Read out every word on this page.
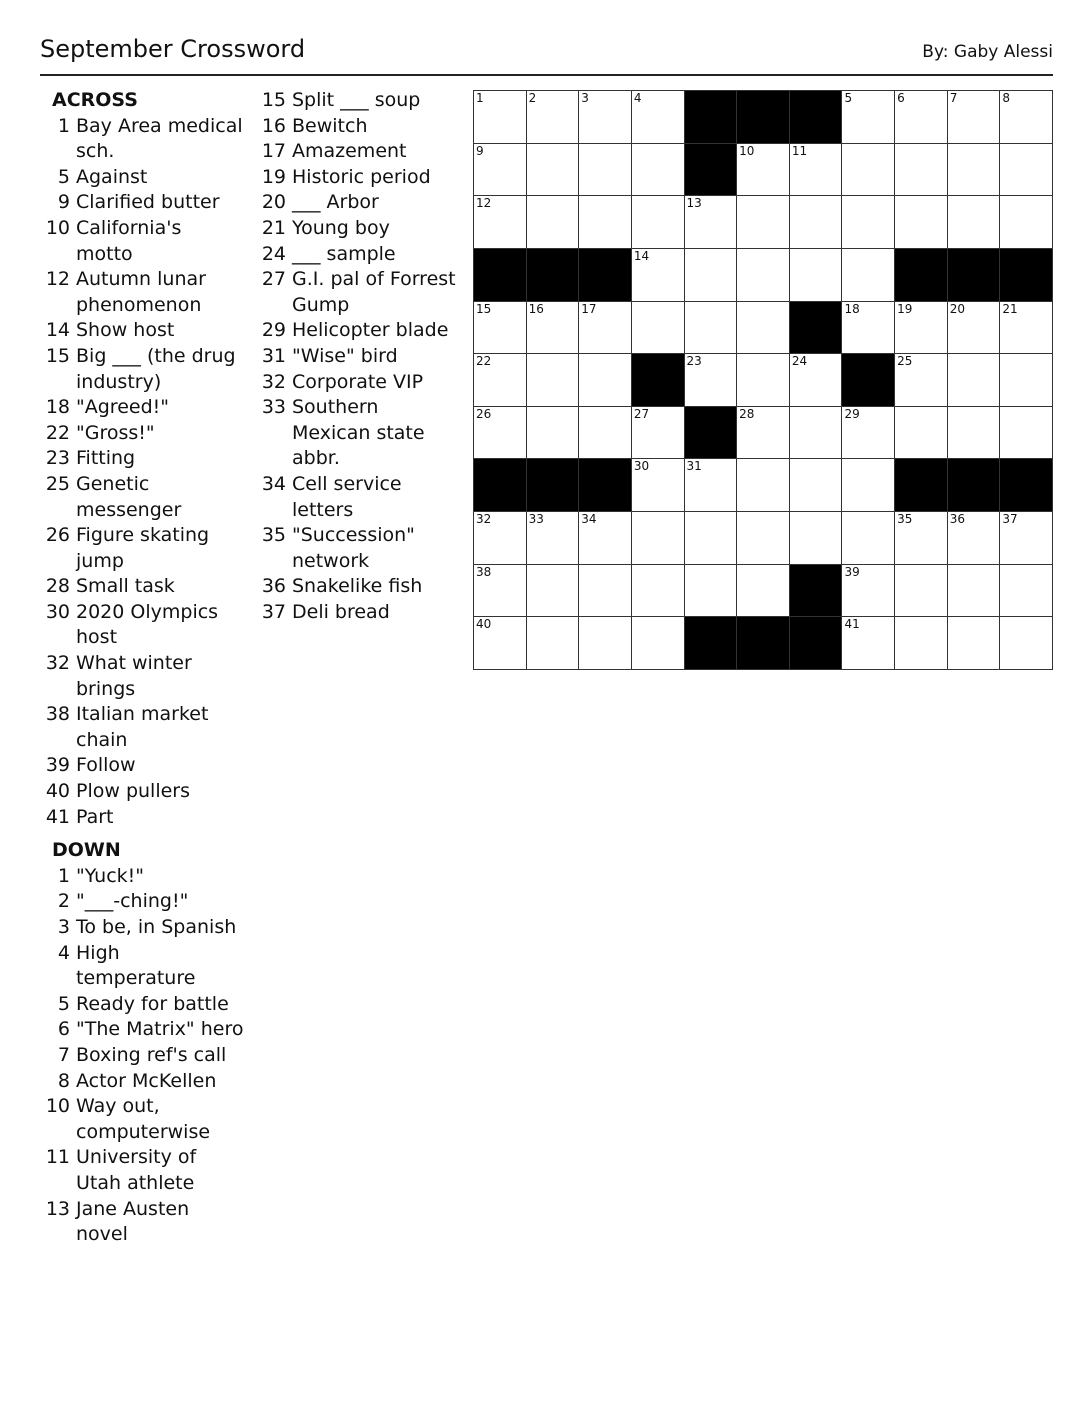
September Crossword	By: Gaby Alessi
ACROSS
1 Bay Area medical sch.
5 Against
9 Clarified butter
10 California's motto
12 Autumn lunar phenomenon
14 Show host
15 Big ___ (the drug industry)
18 "Agreed!"
22 "Gross!"
23 Fitting
25 Genetic messenger
26 Figure skating jump
28 Small task
30 2020 Olympics host
32 What winter brings
38 Italian market chain
39 Follow
40 Plow pullers
41 Part
DOWN
1 "Yuck!"
2 "___-ching!"
3 To be, in Spanish
4 High temperature
5 Ready for battle
6 "The Matrix" hero
7 Boxing ref's call
8 Actor McKellen
10 Way out, computerwise
11 University of Utah athlete
13 Jane Austen novel
15 Split ___ soup
16 Bewitch
17 Amazement
19 Historic period
20 ___ Arbor
21 Young boy
24 ___ sample
27 G.I. pal of Forrest Gump
29 Helicopter blade
31 "Wise" bird
32 Corporate VIP
33 Southern Mexican state abbr.
34 Cell service letters
35 "Succession" network
36 Snakelike fish
37 Deli bread
1	2	3	4	5	6	7	8
9	10	11
12	13
14
15	16	17	18	19	20	21
22	23	24	25
26	27	28	29
30	31
32	33	34	35	36	37
38	39
40	41
